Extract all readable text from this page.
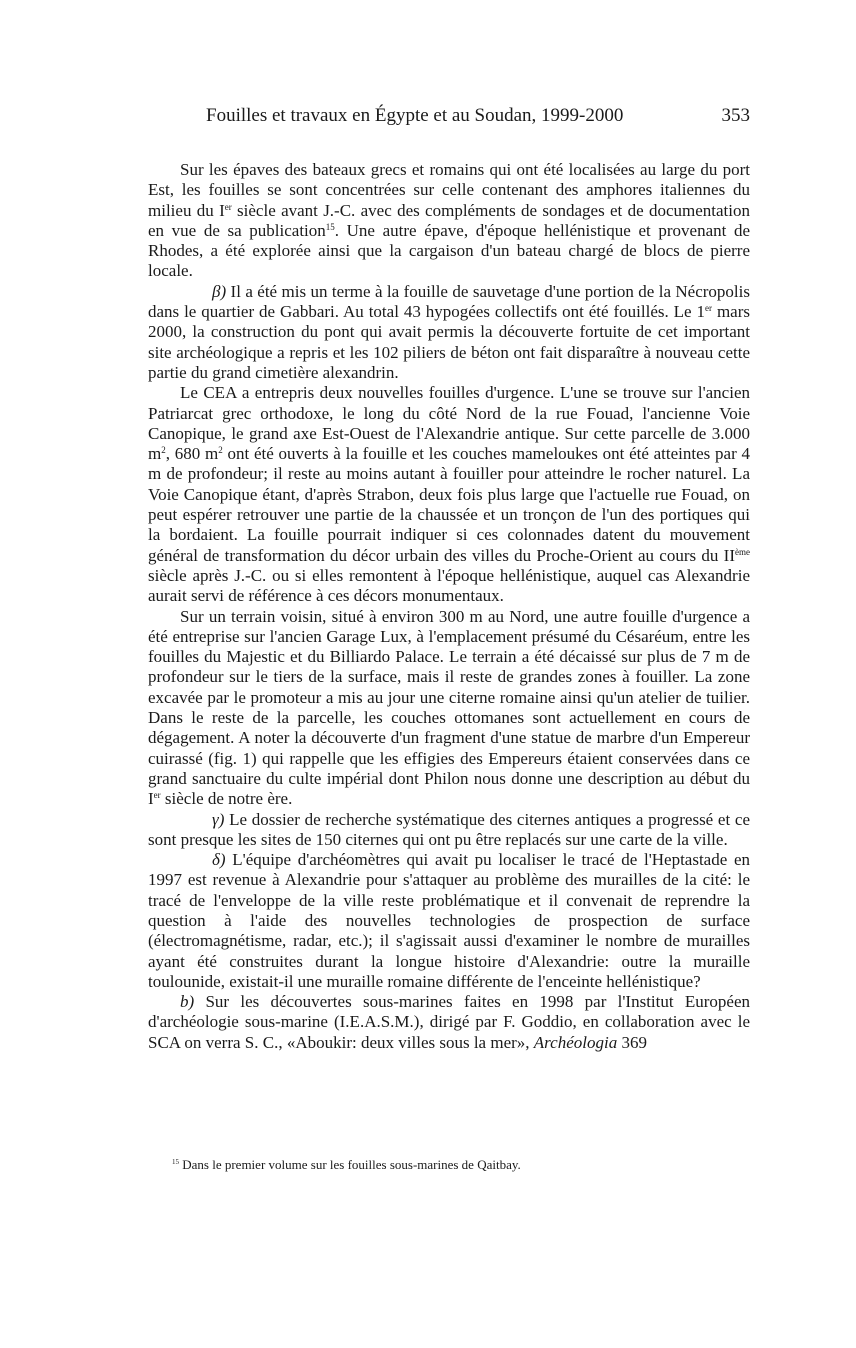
Fouilles et travaux en Égypte et au Soudan, 1999-2000	353

Sur les épaves des bateaux grecs et romains qui ont été localisées au large du port Est, les fouilles se sont concentrées sur celle contenant des amphores italiennes du milieu du Ier siècle avant J.-C. avec des compléments de sondages et de documentation en vue de sa publication$^{15}$. Une autre épave, d'époque hellénistique et provenant de Rhodes, a été explorée ainsi que la cargaison d'un bateau chargé de blocs de pierre locale.

β) Il a été mis un terme à la fouille de sauvetage d'une portion de la Nécropolis dans le quartier de Gabbari. Au total 43 hypogées collectifs ont été fouillés. Le 1er mars 2000, la construction du pont qui avait permis la découverte fortuite de cet important site archéologique a repris et les 102 piliers de béton ont fait disparaître à nouveau cette partie du grand cimetière alexandrin.

Le CEA a entrepris deux nouvelles fouilles d'urgence. L'une se trouve sur l'ancien Patriarcat grec orthodoxe, le long du côté Nord de la rue Fouad, l'ancienne Voie Canopique, le grand axe Est-Ouest de l'Alexandrie antique. Sur cette parcelle de 3.000 $m^2$, 680 $m^2$ ont été ouverts à la fouille et les couches mameloukes ont été atteintes par 4 m de profondeur; il reste au moins autant à fouiller pour atteindre le rocher naturel. La Voie Canopique étant, d'après Strabon, deux fois plus large que l'actuelle rue Fouad, on peut espérer retrouver une partie de la chaussée et un tronçon de l'un des portiques qui la bordaient. La fouille pourrait indiquer si ces colonnades datent du mouvement général de transformation du décor urbain des villes du Proche-Orient au cours du IIème siècle après J.-C. ou si elles remontent à l'époque hellénistique, auquel cas Alexandrie aurait servi de référence à ces décors monumentaux.

Sur un terrain voisin, situé à environ 300 m au Nord, une autre fouille d'urgence a été entreprise sur l'ancien Garage Lux, à l'emplacement présumé du Césaréum, entre les fouilles du Majestic et du Billiardo Palace. Le terrain a été décaissé sur plus de 7 m de profondeur sur le tiers de la surface, mais il reste de grandes zones à fouiller. La zone excavée par le promoteur a mis au jour une citerne romaine ainsi qu'un atelier de tuilier. Dans le reste de la parcelle, les couches ottomanes sont actuellement en cours de dégagement. A noter la découverte d'un fragment d'une statue de marbre d'un Empereur cuirassé (fig. 1) qui rappelle que les effigies des Empereurs étaient conservées dans ce grand sanctuaire du culte impérial dont Philon nous donne une description au début du Ier siècle de notre ère.

γ) Le dossier de recherche systématique des citernes antiques a progressé et ce sont presque les sites de 150 citernes qui ont pu être replacés sur une carte de la ville.

δ) L'équipe d'archéomètres qui avait pu localiser le tracé de l'Heptastade en 1997 est revenue à Alexandrie pour s'attaquer au problème des murailles de la cité: le tracé de l'enveloppe de la ville reste problématique et il convenait de reprendre la question à l'aide des nouvelles technologies de prospection de surface (électromagnétisme, radar, etc.); il s'agissait aussi d'examiner le nombre de murailles ayant été construites durant la longue histoire d'Alexandrie: outre la muraille toulounide, existait-il une muraille romaine différente de l'enceinte hellénistique?

b) Sur les découvertes sous-marines faites en 1998 par l'Institut Européen d'archéologie sous-marine (I.E.A.S.M.), dirigé par F. Goddio, en collaboration avec le SCA on verra S. C., «Aboukir: deux villes sous la mer», Archéologia 369

$^{15}$ Dans le premier volume sur les fouilles sous-marines de Qaitbay.
